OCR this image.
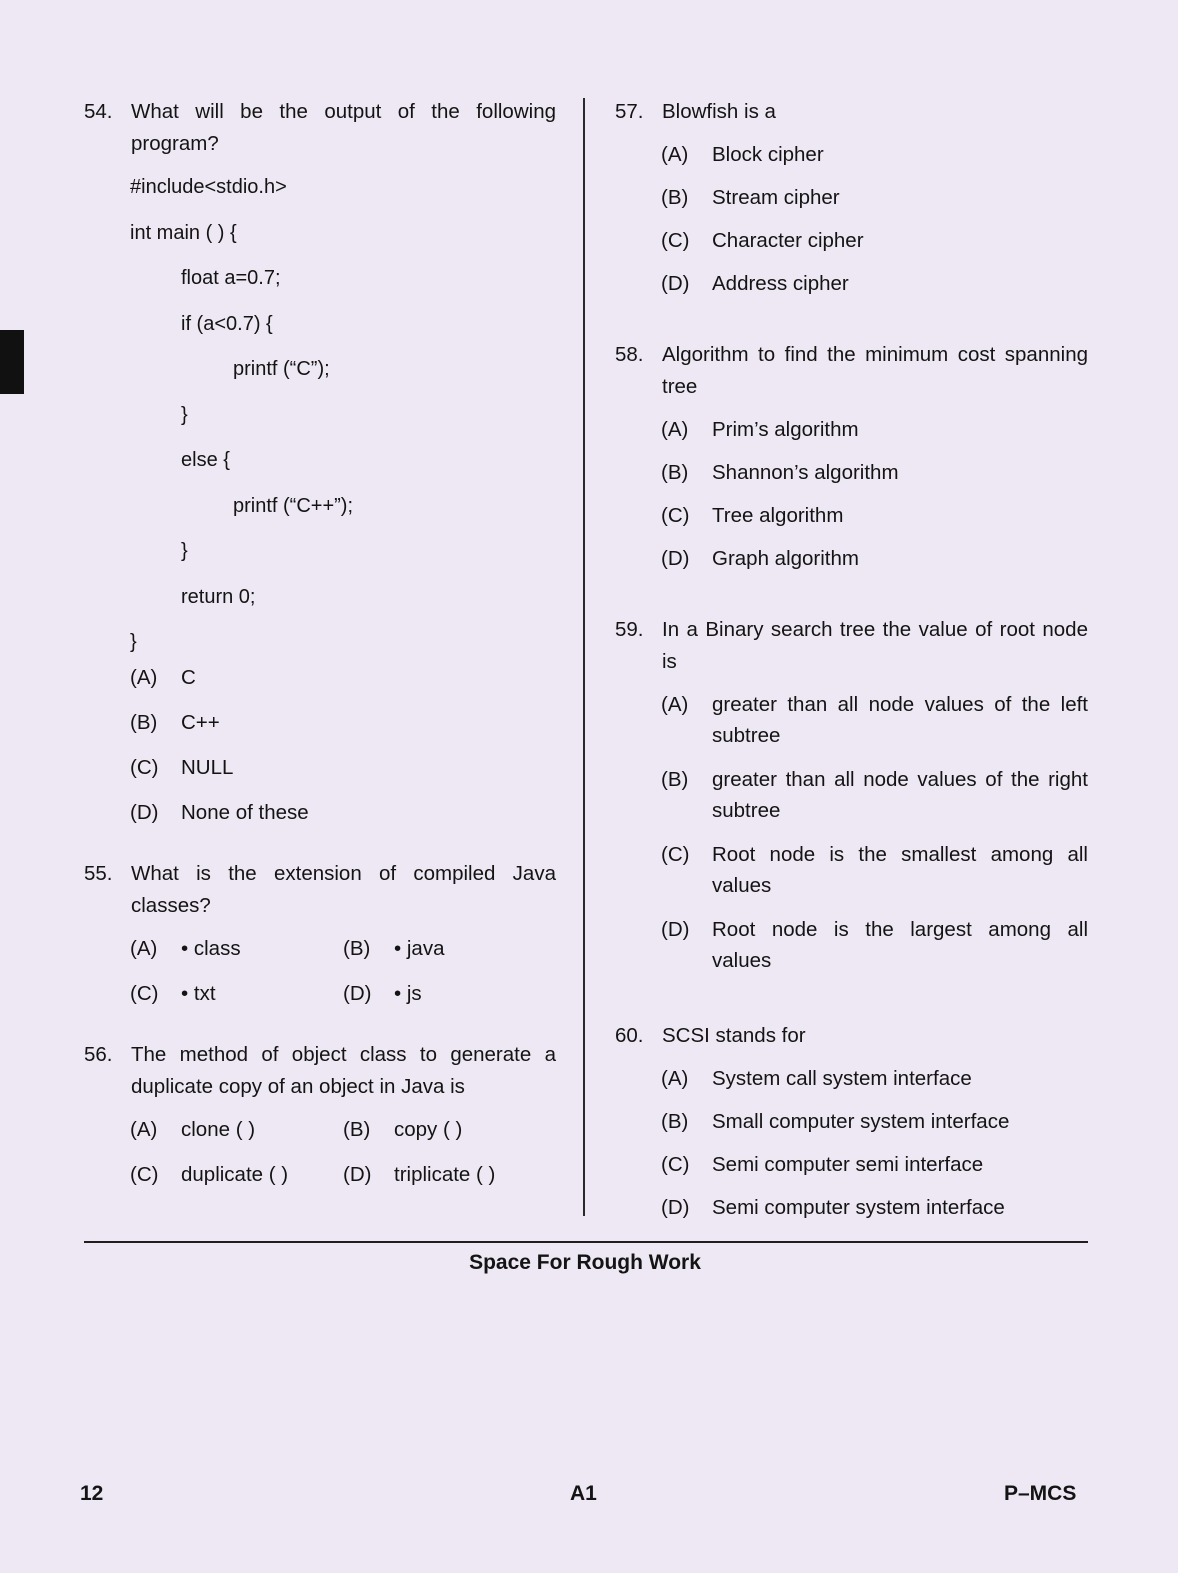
54. What will be the output of the following program?
#include<stdio.h>
int main ( ) {
float a=0.7;
if (a<0.7) {
printf (“C”);
}
else {
printf (“C++”);
}
return 0;
}
(A)	C
(B)	C++
(C)	NULL
(D)	None of these
55. What is the extension of compiled Java classes?
(A)	• class	(B)	• java
(C)	• txt	(D)	• js
56. The method of object class to generate a duplicate copy of an object in Java is
(A)	clone ( )	(B)	copy ( )
(C)	duplicate ( )	(D)	triplicate ( )
57. Blowfish is a
(A)	Block cipher
(B)	Stream cipher
(C)	Character cipher
(D)	Address cipher
58. Algorithm to find the minimum cost spanning tree
(A)	Prim’s algorithm
(B)	Shannon’s algorithm
(C)	Tree algorithm
(D)	Graph algorithm
59. In a Binary search tree the value of root node is
(A)	greater than all node values of the left subtree
(B)	greater than all node values of the right subtree
(C)	Root node is the smallest among all values
(D)	Root node is the largest among all values
60. SCSI stands for
(A)	System call system interface
(B)	Small computer system interface
(C)	Semi computer semi interface
(D)	Semi computer system interface
Space For Rough Work
12	A1	P–MCS
